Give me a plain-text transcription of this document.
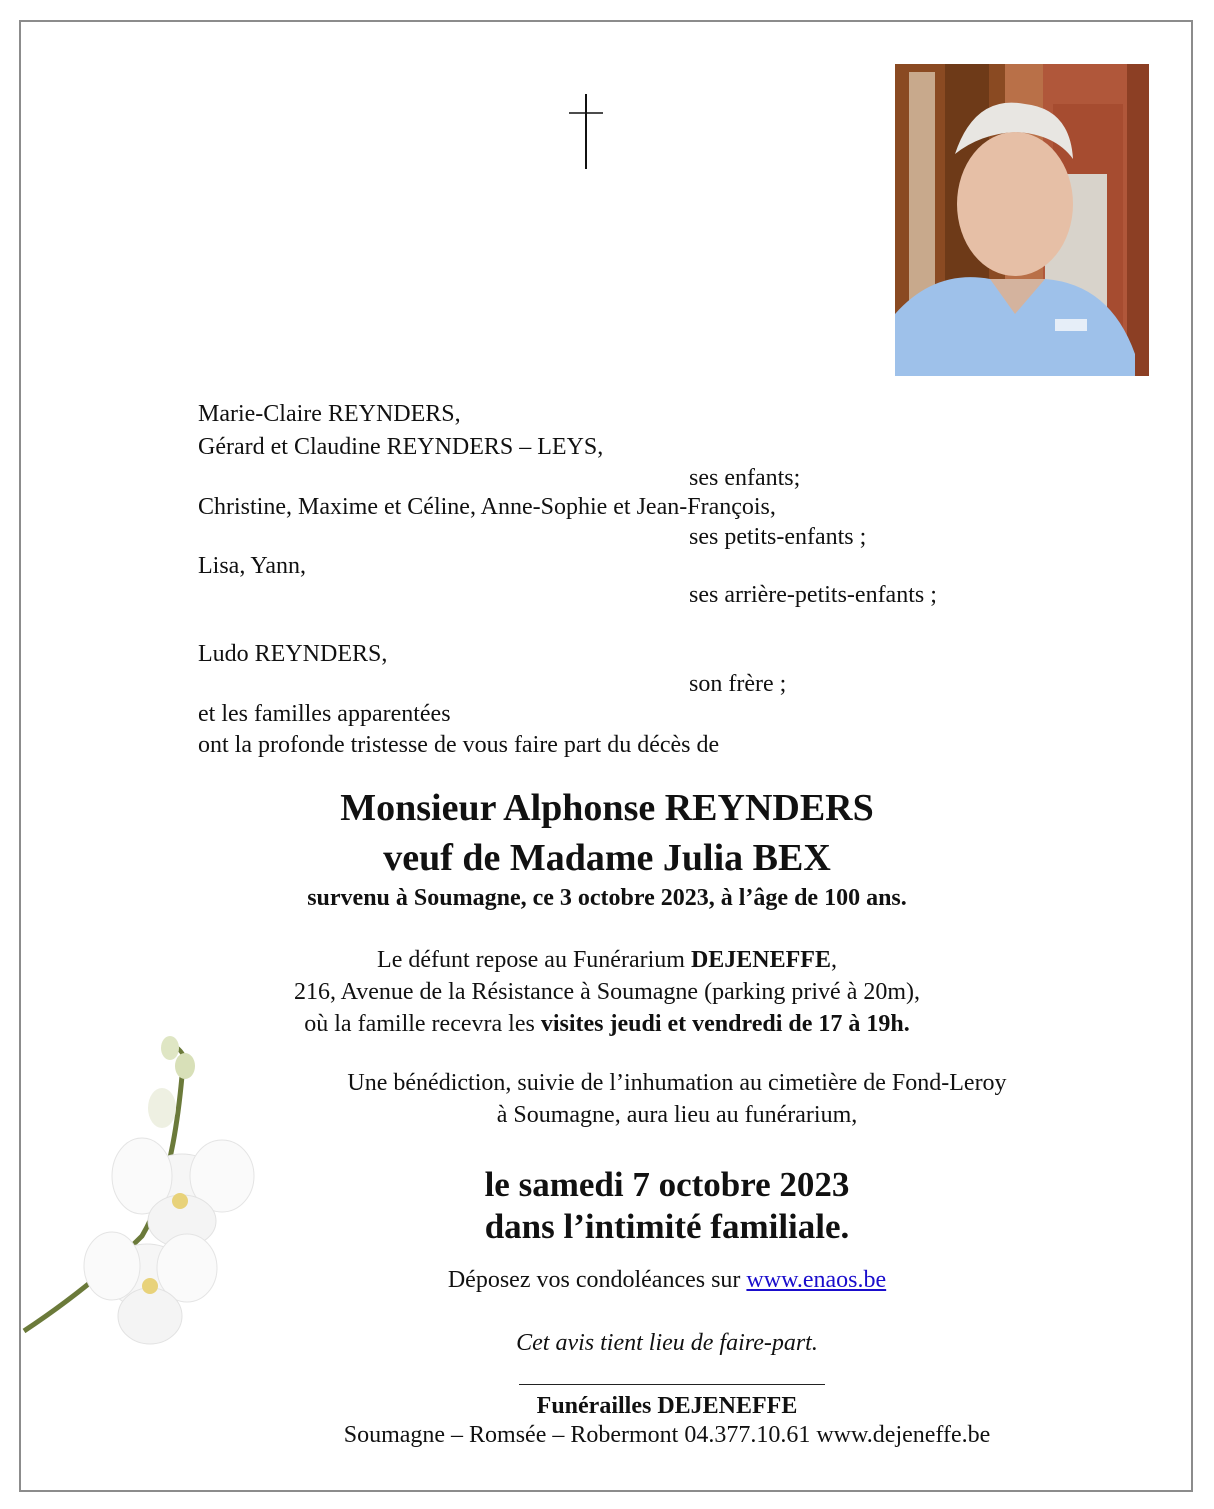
Marie-Claire REYNDERS,
Gérard et Claudine REYNDERS – LEYS,
ses enfants;
Christine, Maxime et Céline, Anne-Sophie et Jean-François,
ses petits-enfants ;
Lisa, Yann,
ses arrière-petits-enfants ;
Ludo REYNDERS,
son frère ;
et les familles apparentées
ont la profonde tristesse de vous faire part du décès de
Monsieur Alphonse REYNDERS
veuf de Madame Julia BEX
survenu à Soumagne, ce 3 octobre 2023, à l’âge de 100 ans.
Le défunt repose au Funérarium DEJENEFFE,
216, Avenue de la Résistance à Soumagne (parking privé à 20m),
où la famille recevra les visites jeudi et vendredi de 17 à 19h.
Une bénédiction, suivie de l’inhumation au cimetière de Fond-Leroy
à Soumagne, aura lieu au funérarium,
le samedi 7 octobre 2023
dans l’intimité familiale.
Déposez vos condoléances sur www.enaos.be
Cet avis tient lieu de faire-part.
Funérailles DEJENEFFE
Soumagne – Romsée – Robermont 04.377.10.61 www.dejeneffe.be
